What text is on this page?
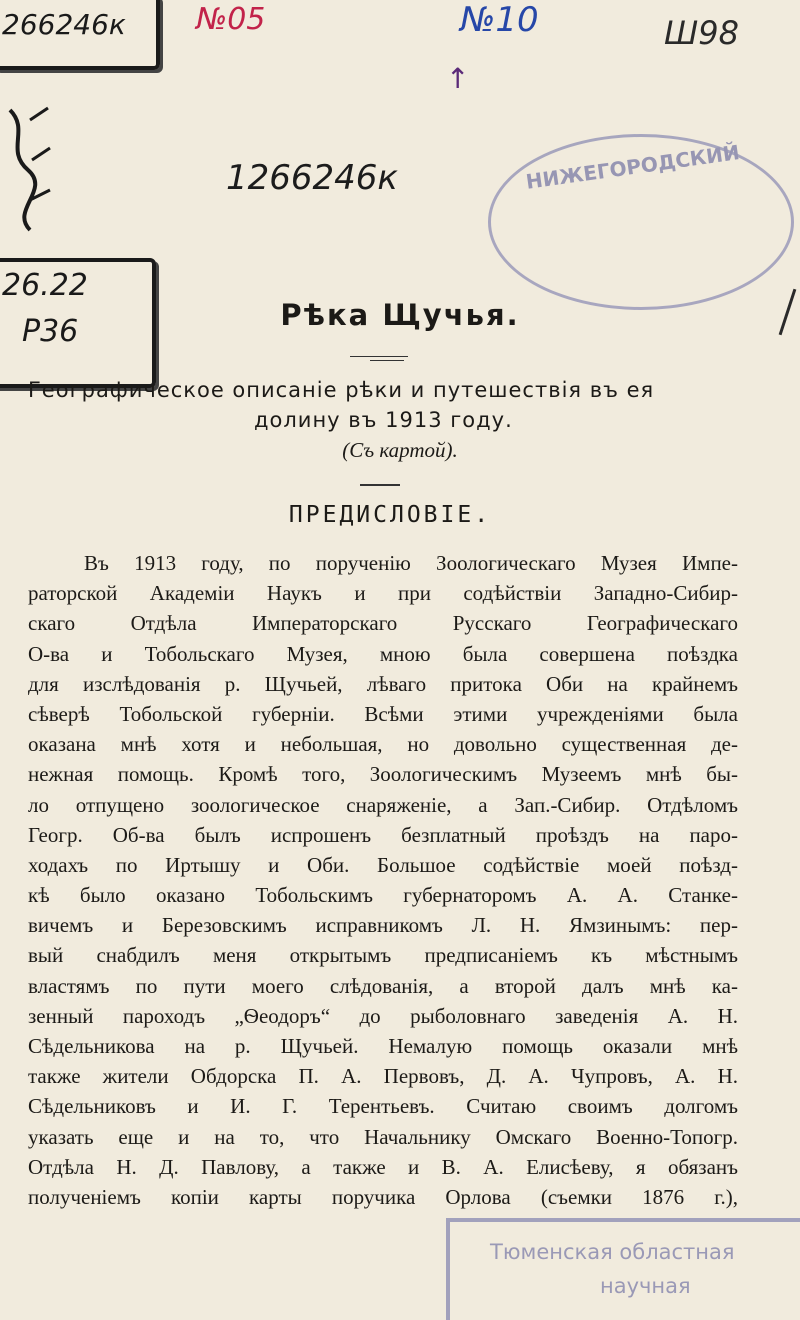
266246к №05	№10	Ш98
↑
1266246к	НИЖЕГОРОДСКИЙ
26.22
Р36	Рѣка Щучья.
Географическое описаніе рѣки и путешествія въ ея
долину въ 1913 году.
(Съ картой).
ПРЕДИСЛОВІЕ.
Въ 1913 году, по порученію Зоологическаго Музея Импе-
раторской Академіи Наукъ и при содѣйствіи Западно-Сибир-
скаго Отдѣла Императорскаго Русскаго Географическаго
О-ва и Тобольскаго Музея, мною была совершена поѣздка
для изслѣдованія р. Щучьей, лѣваго притока Оби на крайнемъ
сѣверѣ Тобольской губерніи. Всѣми этими учрежденіями была
оказана мнѣ хотя и небольшая, но довольно существенная де-
нежная помощь. Кромѣ того, Зоологическимъ Музеемъ мнѣ бы-
ло отпущено зоологическое снаряженіе, а Зап.-Сибир. Отдѣломъ
Геогр. Об-ва былъ испрошенъ безплатный проѣздъ на паро-
ходахъ по Иртышу и Оби. Большое содѣйствіе моей поѣзд-
кѣ было оказано Тобольскимъ губернаторомъ А. А. Станке-
вичемъ и Березовскимъ исправникомъ Л. Н. Ямзинымъ: пер-
вый снабдилъ меня открытымъ предписаніемъ къ мѣстнымъ
властямъ по пути моего слѣдованія, а второй далъ мнѣ ка-
зенный пароходъ „Ѳеодоръ“ до рыболовнаго заведенія А. Н.
Сѣдельникова на р. Щучьей. Немалую помощь оказали мнѣ
также жители Обдорска П. А. Первовъ, Д. А. Чупровъ, А. Н.
Сѣдельниковъ и И. Г. Терентьевъ. Считаю своимъ долгомъ
указать еще и на то, что Начальнику Омскаго Военно-Топогр.
Отдѣла Н. Д. Павлову, а также и В. А. Елисѣеву, я обязанъ
полученіемъ копіи карты поручика Орлова (съемки 1876 г.),
Тюменская областная
научная
